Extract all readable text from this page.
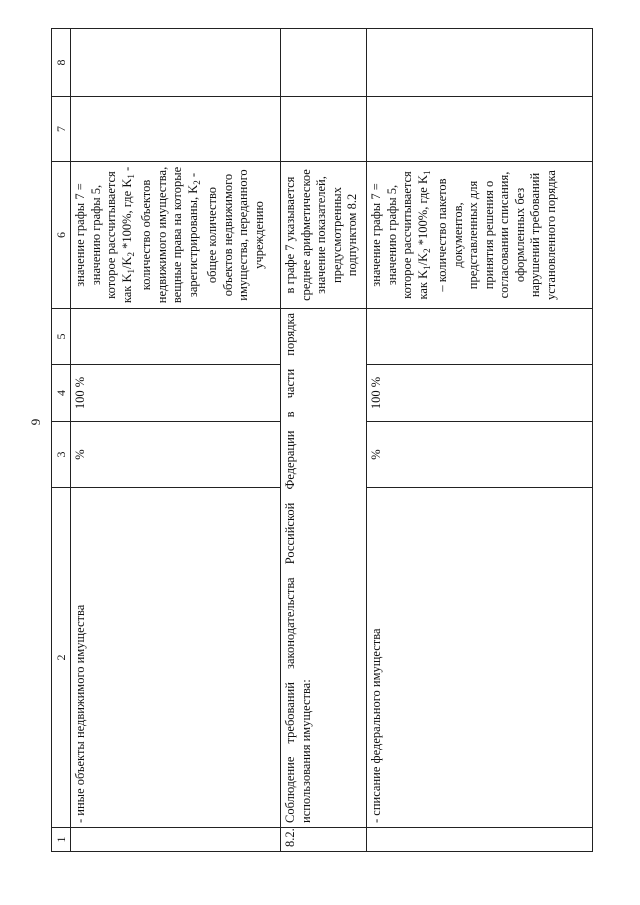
9
1	2	3	4	5	6	7	8
	- иные объекты недвижимого имущества	%	100 %		значение графы 7 = значению графы 5, которое рассчитывается как $K_1/K_2$ *100%, где $K_1$ - количество объектов недвижимого имущества, вещные права на которые зарегистрированы, $K_2$ - общее количество объектов недвижимого имущества, переданного учреждению		
8.2.	Соблюдение требований законодательства Российской Федерации в части порядка использования имущества:				в графе 7 указывается среднее арифметическое значение показателей, предусмотренных подпунктом 8.2		
	- списание федерального имущества	%	100 %		значение графы 7 = значению графы 5, которое рассчитывается как $K_1/K_2$ *100%, где $K_1$ – количество пакетов документов, представленных для принятия решения о согласовании списания, оформленных без нарушений требований установленного порядка		
